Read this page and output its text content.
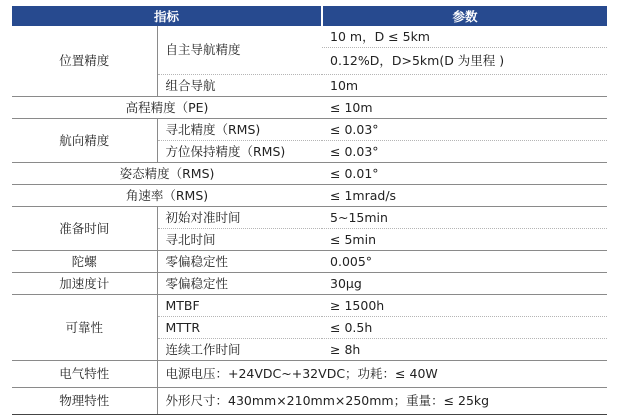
指标		参数
位置精度	自主导航精度	10 m，D ≤ 5km
		0.12%D，D>5km(D 为里程 )
	组合导航	10m
高程精度（PE)		≤ 10m
航向精度	寻北精度（RMS)	≤ 0.03°
	方位保持精度（RMS)	≤ 0.03°
姿态精度（RMS)		≤ 0.01°
角速率（RMS)		≤ 1mrad/s
准备时间	初始对准时间	5~15min
	寻北时间	≤ 5min
陀螺	零偏稳定性	0.005°
加速度计	零偏稳定性	30μg
可靠性	MTBF	≥ 1500h
	MTTR	≤ 0.5h
	连续工作时间	≥ 8h
电气特性	电源电压：+24VDC~+32VDC；功耗：≤ 40W	
物理特性	外形尺寸：430mm×210mm×250mm；重量：≤ 25kg	
